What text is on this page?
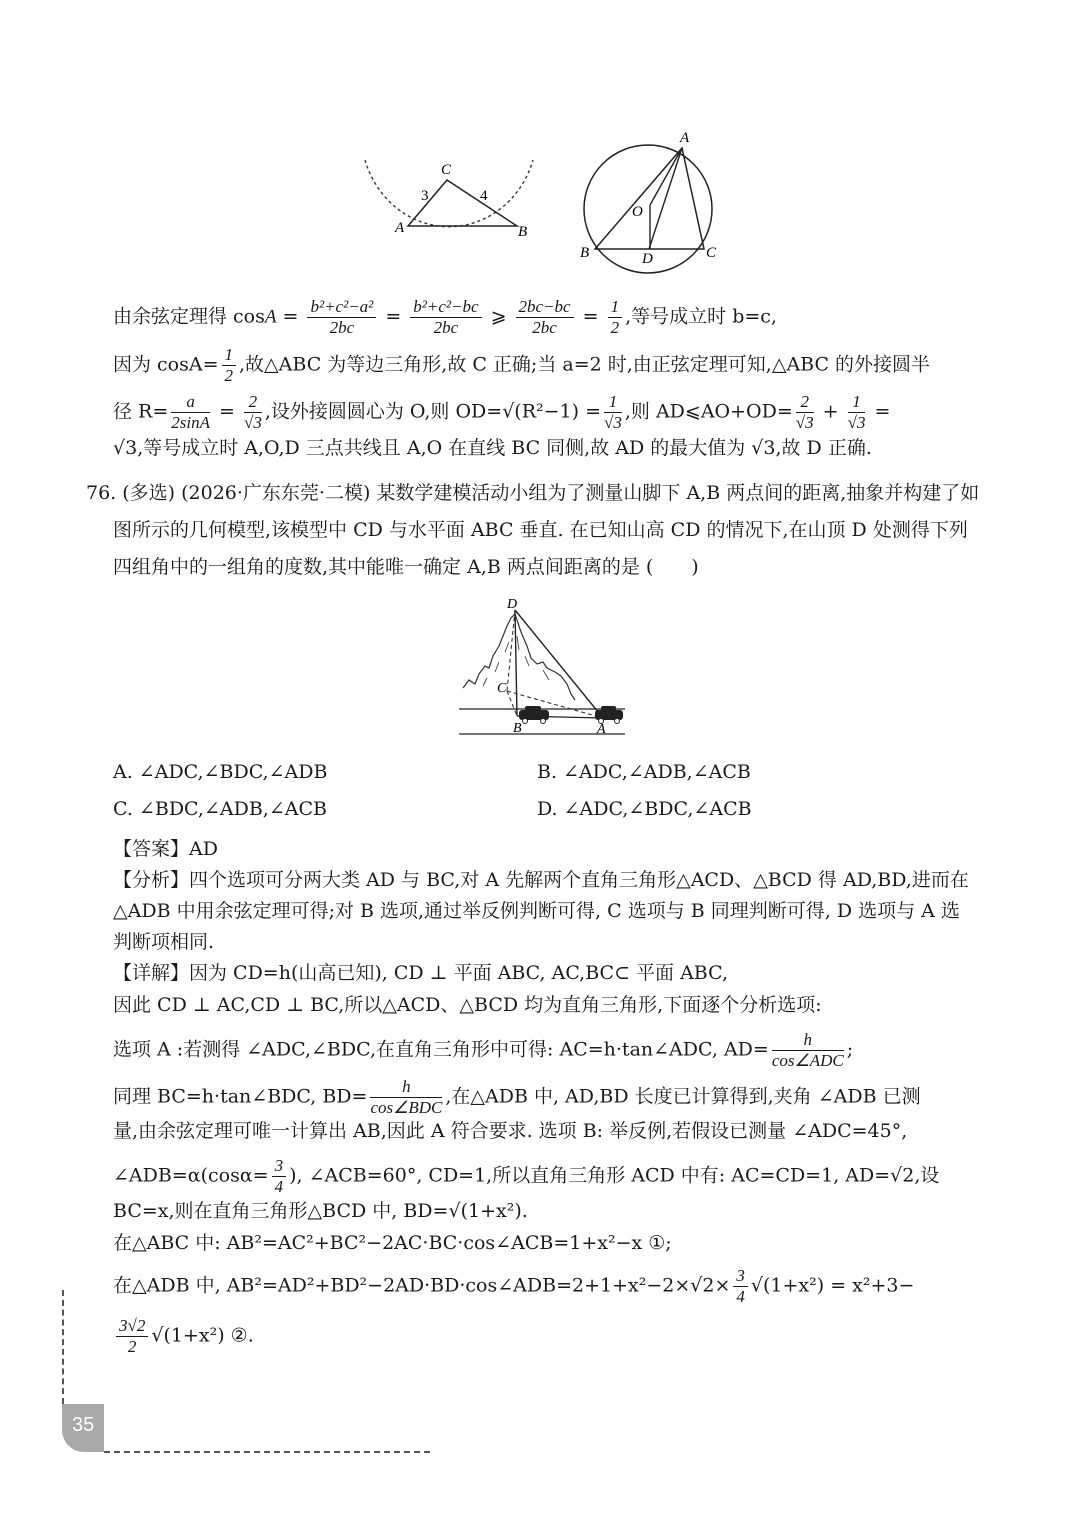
C
A	B
3	4
A
O
B	D	C
由余弦定理得 $\cos A = \frac{\text{b²+c²−a²}}{2bc} = \frac{\text{b²+c²−bc}}{2bc}$ ⩾ $\frac{2bc-bc}{2bc} = \frac{1}{2}$ ,等号成立时 b=c,
因为 $\cos A= \frac{1}{2}$ ,故△ABC 为等边三角形,故 C 正确;当 a=2 时,由正弦定理可知,△ABC 的外接圆半
径 $R= \frac{a}{2\sin A} = \frac{2}{√3}$ ,设外接圆圆心为 O,则 $OD=√(R^2-1) = \frac{1}{√3}$ ,则 AD⩽AO+OD= $\frac{2}{√3} + \frac{1}{√3}$ =
√3,等号成立时 A,O,D 三点共线且 A,O 在直线 BC 同侧,故 AD 的最大值为 √3,故 D 正确.
76. (多选) (2026·广东东莞·二模) 某数学建模活动小组为了测量山脚下 A,B 两点间的距离,抽象并构建了如
图所示的几何模型,该模型中 CD 与水平面 ABC 垂直. 在已知山高 CD 的情况下,在山顶 D 处测得下列
四组角中的一组角的度数,其中能唯一确定 A,B 两点间距离的是 (　　)
D
C
B	A
A. ∠ADC,∠BDC,∠ADB	B. ∠ADC,∠ADB,∠ACB
C. ∠BDC,∠ADB,∠ACB	D. ∠ADC,∠BDC,∠ACB
【答案】AD
【分析】四个选项可分两大类 AD 与 BC,对 A 先解两个直角三角形△ACD、△BCD 得 AD,BD,进而在
△ADB 中用余弦定理可得;对 B 选项,通过举反例判断可得, C 选项与 B 同理判断可得, D 选项与 A 选
判断项相同.
【详解】因为 CD=h(山高已知), CD ⊥ 平面 ABC, AC,BC⊂ 平面 ABC,
因此 CD ⊥ AC,CD ⊥ BC,所以△ACD、△BCD 均为直角三角形,下面逐个分析选项:
选项 A :若测得 ∠ADC,∠BDC,在直角三角形中可得: AC=h·tan∠ADC, $AD= \frac{h}{\text{cos∠ADC}}$ ;
同理 BC=h·tan∠BDC, $BD= \frac{h}{\text{cos∠BDC}}$ ,在△ADB 中, AD,BD 长度已计算得到,夹角 ∠ADB 已测
量,由余弦定理可唯一计算出 AB,因此 A 符合要求. 选项 B: 举反例,若假设已测量 ∠ADC=45°,
∠ADB=α(cosα= $\frac{3}{4}$ ), ∠ACB=60°, CD=1,所以直角三角形 ACD 中有: AC=CD=1, AD=√2,设
BC=x,则在直角三角形△BCD 中, BD=√(1+x²).
在△ABC 中: AB²=AC²+BC²−2AC·BC·cos∠ACB=1+x²−x ①;
在△ADB 中, AB²=AD²+BD²−2AD·BD·cos∠ADB=2+1+x²−2×√2× $\frac{3}{4} √(1+x^2) = x^2+3-$
$\frac{3√2}{2} √(1+x^2)$ ②.
35
